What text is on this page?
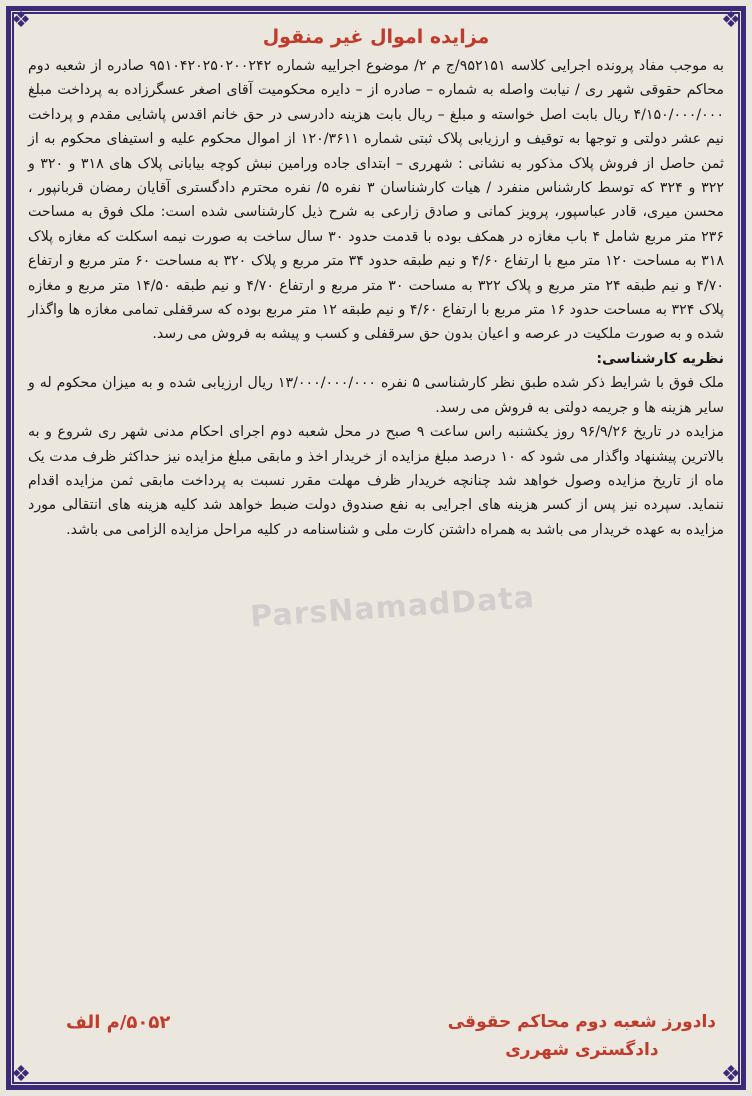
❖	❖
❖	❖
ParsNamadData
مزایده اموال غیر منقول

به موجب مفاد پرونده اجرایی کلاسه ۹۵۲۱۵۱/ج م ۲/ موضوع اجراییه شماره ۹۵۱۰۴۲۰۲۵۰۲۰۰۲۴۲ صادره از شعبه دوم محاکم حقوقی شهر ری / نیابت واصله به شماره – صادره از – دایره محکومیت آقای اصغر عسگرزاده به پرداخت مبلغ ۴/۱۵۰/۰۰۰/۰۰۰ ریال بابت اصل خواسته و مبلغ – ریال بابت هزینه دادرسی در حق خانم اقدس پاشایی مقدم و پرداخت نیم عشر دولتی و توجها به توقیف و ارزیابی پلاک ثبتی شماره ۱۲۰/۳۶۱۱ از اموال محکوم علیه و استیفای محکوم به از ثمن حاصل از فروش پلاک مذکور به نشانی : شهرری – ابتدای جاده ورامین نبش کوچه بیابانی پلاک های ۳۱۸ و ۳۲۰ و ۳۲۲ و ۳۲۴ که توسط کارشناس منفرد / هیات کارشناسان ۳ نفره ۵/ نفره محترم دادگستری آقایان رمضان قربانپور ، محسن میری، قادر عباسپور، پرویز کمانی و صادق زارعی به شرح ذیل کارشناسی شده است: ملک فوق به مساحت ۲۳۶ متر مربع شامل ۴ باب مغازه در همکف بوده با قدمت حدود ۳۰ سال ساخت به صورت نیمه اسکلت که مغازه پلاک ۳۱۸ به مساحت ۱۲۰ متر مبع با ارتفاع ۴/۶۰ و نیم طبقه حدود ۳۴ متر مربع و پلاک ۳۲۰ به مساحت ۶۰ متر مربع و ارتفاع ۴/۷۰ و نیم طبقه ۲۴ متر مربع و پلاک ۳۲۲ به مساحت ۳۰ متر مربع و ارتفاع ۴/۷۰ و نیم طبقه ۱۴/۵۰ متر مربع و مغازه پلاک ۳۲۴ به مساحت حدود ۱۶ متر مربع با ارتفاع ۴/۶۰ و نیم طبقه ۱۲ متر مربع بوده که سرقفلی تمامی مغازه ها واگذار شده و به صورت ملکیت در عرصه و اعیان بدون حق سرقفلی و کسب و پیشه به فروش می رسد.

نظریه کارشناسی:

ملک فوق با شرایط ذکر شده طبق نظر کارشناسی ۵ نفره ۱۳/۰۰۰/۰۰۰/۰۰۰ ریال ارزیابی شده و به میزان محکوم له و سایر هزینه ها و جریمه دولتی به فروش می رسد.

مزایده در تاریخ ۹۶/۹/۲۶ روز یکشنبه راس ساعت ۹ صبح در محل شعبه دوم اجرای احکام مدنی شهر ری شروع و به بالاترین پیشنهاد واگذار می شود که ۱۰ درصد مبلغ مزایده از خریدار اخذ و مابقی مبلغ مزایده نیز حداکثر ظرف مدت یک ماه از تاریخ مزایده وصول خواهد شد چنانچه خریدار ظرف مهلت مقرر نسبت به پرداخت مابقی ثمن مزایده اقدام ننماید. سپرده نیز پس از کسر هزینه های اجرایی به نفع صندوق دولت ضبط خواهد شد کلیه هزینه های انتقالی مورد مزایده به عهده خریدار می باشد به همراه داشتن کارت ملی و شناسنامه در کلیه مراحل مزایده الزامی می باشد.

دادورز شعبه دوم محاکم حقوقی
دادگستری شهرری
۵۰۵۲/م الف
